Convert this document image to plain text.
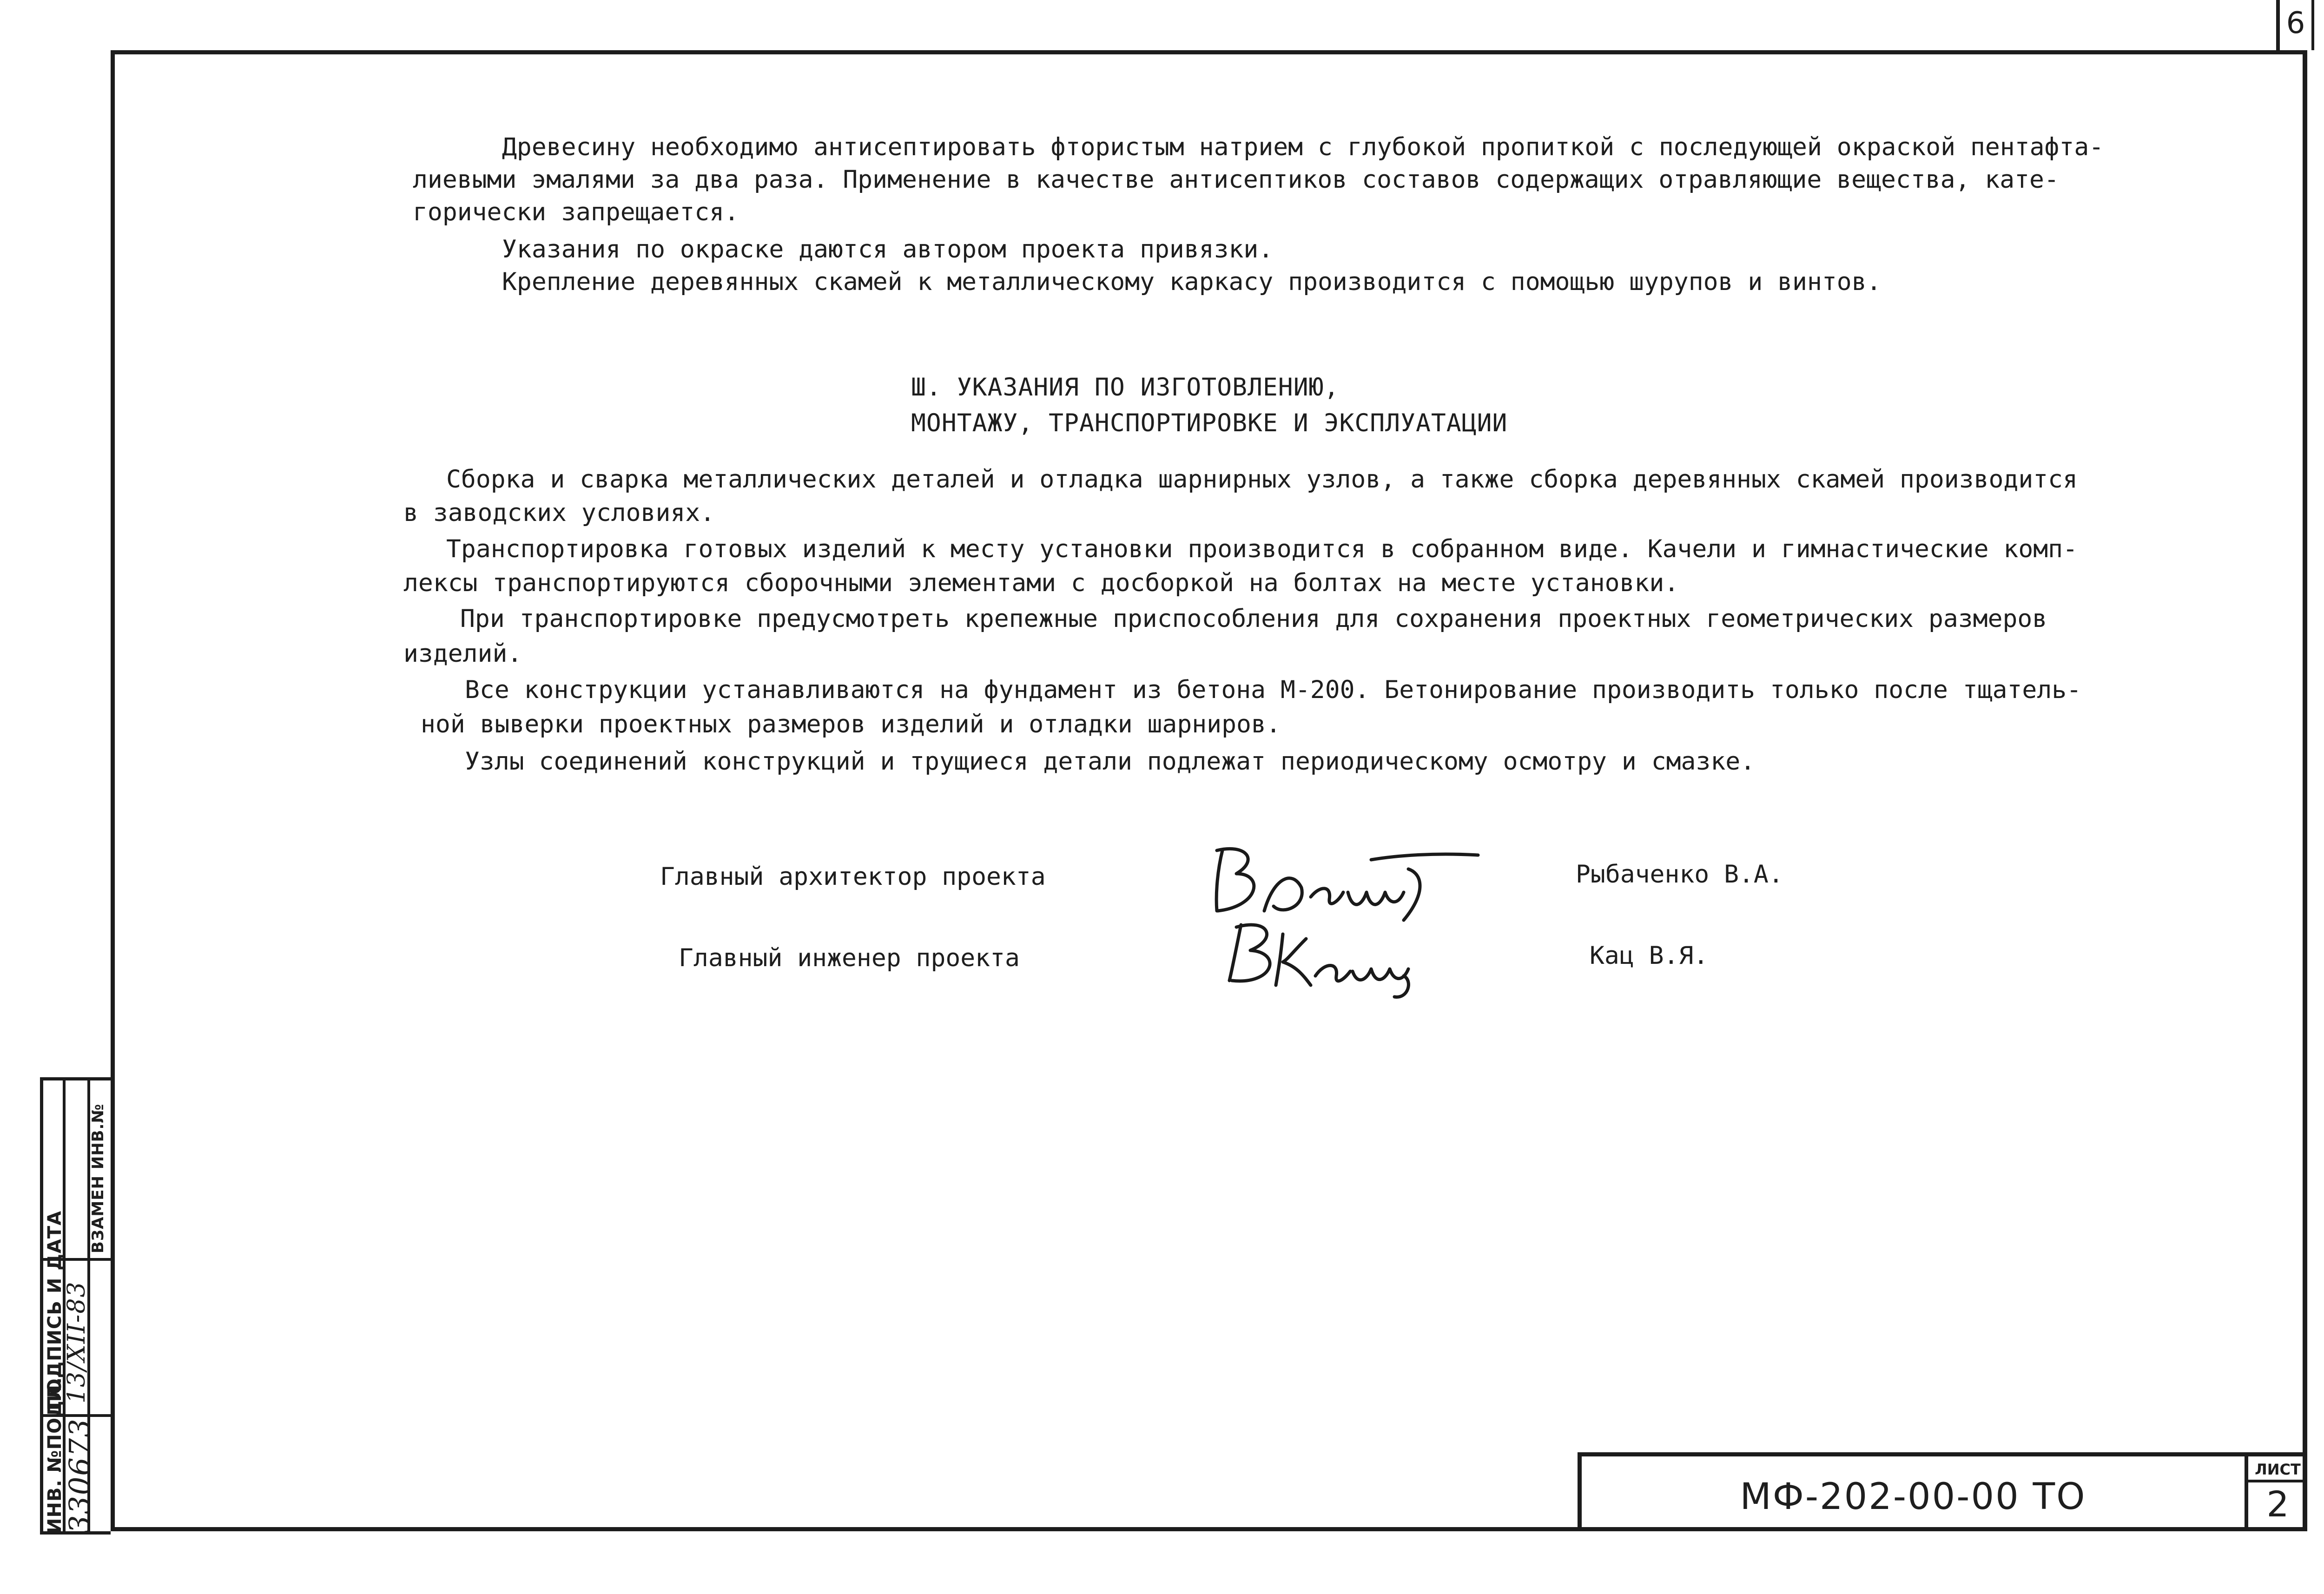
6
ИНВ. №ПОДЛ.
330673
ПОДПИСЬ И ДАТА
13/XII-83
ВЗАМЕН ИНВ.№
Древесину необходимо антисептировать фтористым натрием с глубокой пропиткой с последующей окраской пентафта-
лиевыми эмалями за два раза. Применение в качестве антисептиков составов содержащих отравляющие вещества, кате-
горически запрещается.
Указания по окраске даются автором проекта привязки.
Крепление деревянных скамей к металлическому каркасу производится с помощью шурупов и винтов.
Ш. УКАЗАНИЯ ПО ИЗГОТОВЛЕНИЮ,
МОНТАЖУ, ТРАНСПОРТИРОВКЕ И ЭКСПЛУАТАЦИИ
Сборка и сварка металлических деталей и отладка шарнирных узлов, а также сборка деревянных скамей производится
в заводских условиях.
Транспортировка готовых изделий к месту установки производится в собранном виде. Качели и гимнастические комп-
лексы транспортируются сборочными элементами с досборкой на болтах на месте установки.
При транспортировке предусмотреть крепежные приспособления для сохранения проектных геометрических размеров
изделий.
Все конструкции устанавливаются на фундамент из бетона М-200. Бетонирование производить только после тщатель-
ной выверки проектных размеров изделий и отладки шарниров.
Узлы соединений конструкций и трущиеся детали подлежат периодическому осмотру и смазке.
Главный архитектор проекта	Рыбаченко В.А.
Главный инженер проекта	Кац В.Я.
МФ-202-00-00 ТО
ЛИСТ
2
